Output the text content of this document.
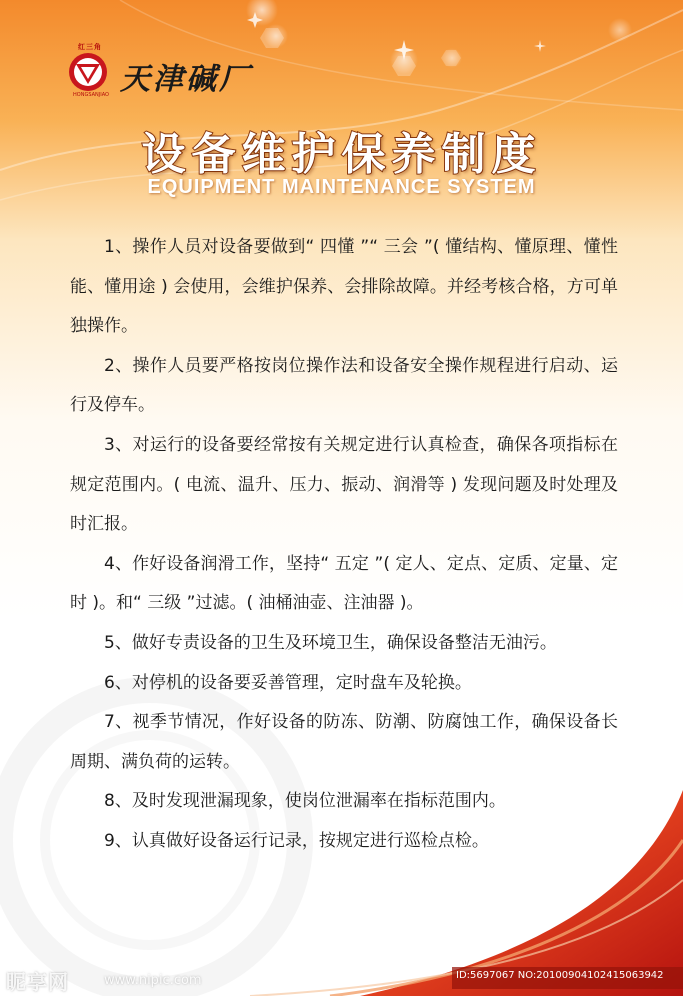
红三角
HONGSANJIAO 天津碱厂
设备维护保养制度
EQUIPMENT MAINTENANCE SYSTEM

1、操作人员对设备要做到“ 四懂 ”“ 三会 ”( 懂结构、懂原理、懂性能、懂用途 ) 会使用，会维护保养、会排除故障。并经考核合格，方可单独操作。

2、操作人员要严格按岗位操作法和设备安全操作规程进行启动、运行及停车。

3、对运行的设备要经常按有关规定进行认真检查，确保各项指标在规定范围内。( 电流、温升、压力、振动、润滑等 ) 发现问题及时处理及时汇报。

4、作好设备润滑工作，坚持“ 五定 ”( 定人、定点、定质、定量、定时 )。和“ 三级 ”过滤。( 油桶油壶、注油器 )。

5、做好专责设备的卫生及环境卫生，确保设备整洁无油污。

6、对停机的设备要妥善管理，定时盘车及轮换。

7、视季节情况，作好设备的防冻、防潮、防腐蚀工作，确保设备长周期、满负荷的运转。

8、及时发现泄漏现象，使岗位泄漏率在指标范围内。

9、认真做好设备运行记录，按规定进行巡检点检。

昵享网	www.nipic.com	ID:5697067 NO:20100904102415063942
